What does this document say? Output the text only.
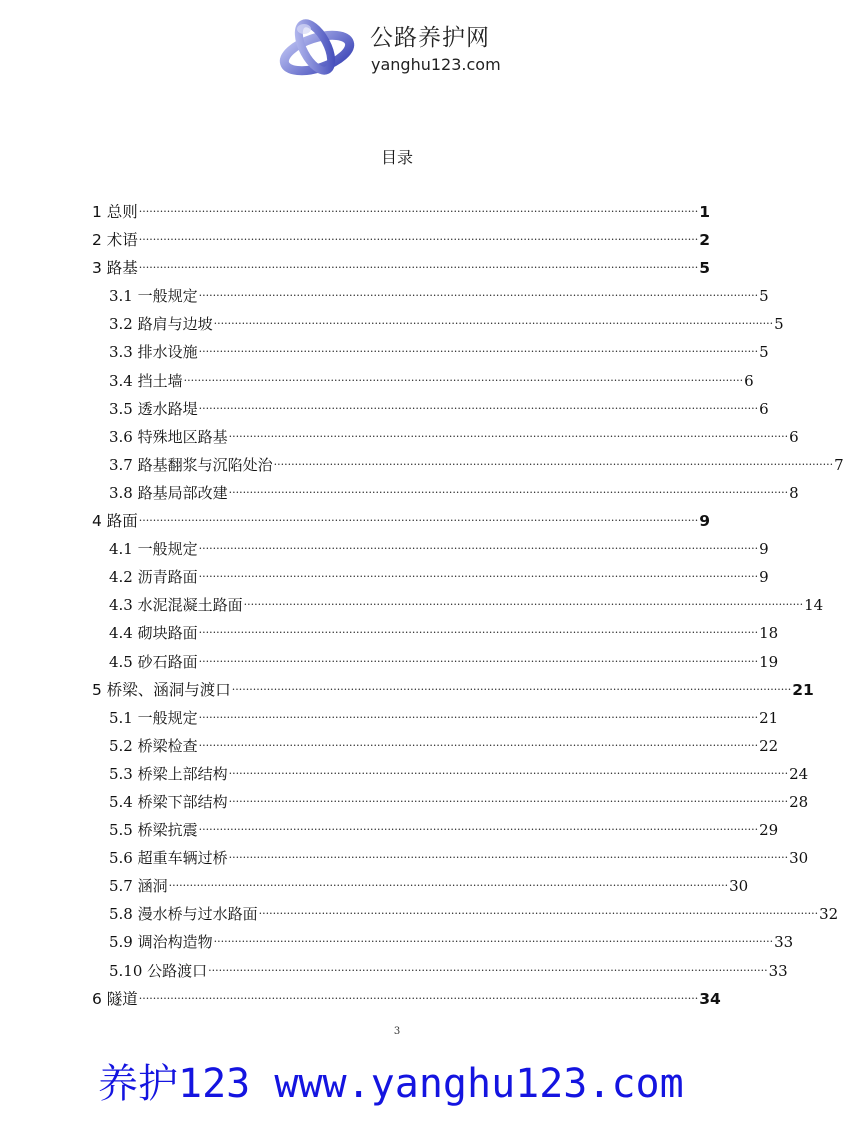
公路养护网
yanghu123.com
目录
1 总则 ································································································································································ 1
2 术语 ································································································································································ 2
3 路基 ································································································································································ 5
3.1 一般规定 ································································································································································ 5
3.2 路肩与边坡 ································································································································································ 5
3.3 排水设施 ································································································································································ 5
3.4 挡土墙 ································································································································································ 6
3.5 透水路堤 ································································································································································ 6
3.6 特殊地区路基 ································································································································································ 6
3.7 路基翻浆与沉陷处治 ································································································································································ 7
3.8 路基局部改建 ································································································································································ 8
4 路面 ································································································································································ 9
4.1 一般规定 ································································································································································ 9
4.2 沥青路面 ································································································································································ 9
4.3 水泥混凝土路面 ································································································································································ 14
4.4 砌块路面 ································································································································································ 18
4.5 砂石路面 ································································································································································ 19
5 桥梁、涵洞与渡口 ································································································································································ 21
5.1 一般规定 ································································································································································ 21
5.2 桥梁检查 ································································································································································ 22
5.3 桥梁上部结构 ································································································································································ 24
5.4 桥梁下部结构 ································································································································································ 28
5.5 桥梁抗震 ································································································································································ 29
5.6 超重车辆过桥 ································································································································································ 30
5.7 涵洞 ································································································································································ 30
5.8 漫水桥与过水路面 ································································································································································ 32
5.9 调治构造物 ································································································································································ 33
5.10 公路渡口 ································································································································································ 33
6 隧道 ································································································································································ 34
3
养护123 www.yanghu123.com
